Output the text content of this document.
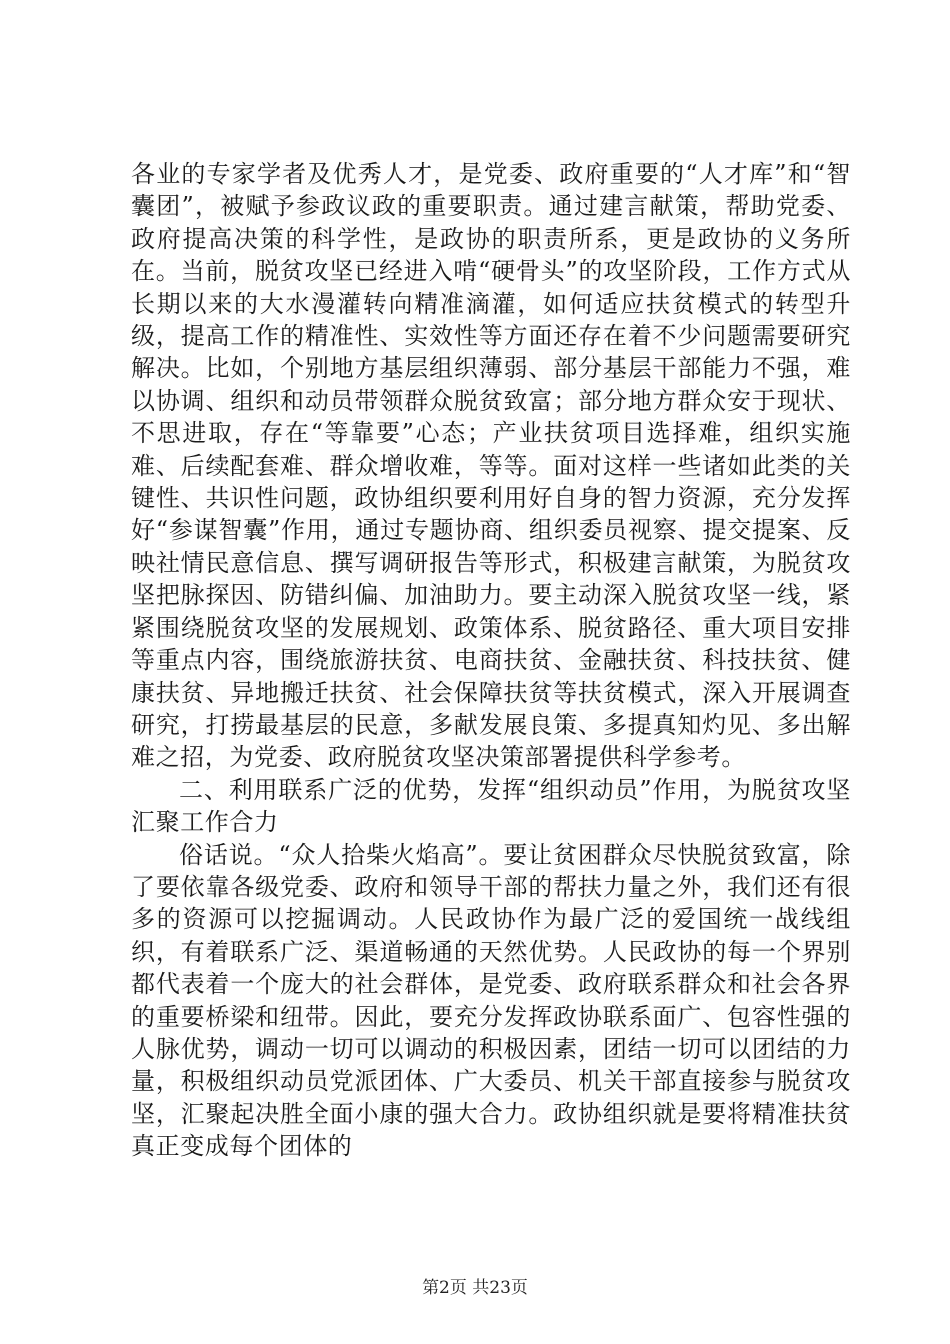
各业的专家学者及优秀人才，是党委、政府重要的“人才库”和“智囊团”，被赋予参政议政的重要职责。通过建言献策，帮助党委、政府提高决策的科学性，是政协的职责所系，更是政协的义务所在。当前，脱贫攻坚已经进入啃“硬骨头”的攻坚阶段，工作方式从长期以来的大水漫灌转向精准滴灌，如何适应扶贫模式的转型升级，提高工作的精准性、实效性等方面还存在着不少问题需要研究解决。比如，个别地方基层组织薄弱、部分基层干部能力不强，难以协调、组织和动员带领群众脱贫致富；部分地方群众安于现状、不思进取，存在“等靠要”心态；产业扶贫项目选择难，组织实施难、后续配套难、群众增收难，等等。面对这样一些诸如此类的关键性、共识性问题，政协组织要利用好自身的智力资源，充分发挥好“参谋智囊”作用，通过专题协商、组织委员视察、提交提案、反映社情民意信息、撰写调研报告等形式，积极建言献策，为脱贫攻坚把脉探因、防错纠偏、加油助力。要主动深入脱贫攻坚一线，紧紧围绕脱贫攻坚的发展规划、政策体系、脱贫路径、重大项目安排等重点内容，围绕旅游扶贫、电商扶贫、金融扶贫、科技扶贫、健康扶贫、异地搬迁扶贫、社会保障扶贫等扶贫模式，深入开展调查研究，打捞最基层的民意，多献发展良策、多提真知灼见、多出解难之招，为党委、政府脱贫攻坚决策部署提供科学参考。

二、利用联系广泛的优势，发挥“组织动员”作用，为脱贫攻坚汇聚工作合力

俗话说。“众人拾柴火焰高”。要让贫困群众尽快脱贫致富，除了要依靠各级党委、政府和领导干部的帮扶力量之外，我们还有很多的资源可以挖掘调动。人民政协作为最广泛的爱国统一战线组织，有着联系广泛、渠道畅通的天然优势。人民政协的每一个界别都代表着一个庞大的社会群体，是党委、政府联系群众和社会各界的重要桥梁和纽带。因此，要充分发挥政协联系面广、包容性强的人脉优势，调动一切可以调动的积极因素，团结一切可以团结的力量，积极组织动员党派团体、广大委员、机关干部直接参与脱贫攻坚，汇聚起决胜全面小康的强大合力。政协组织就是要将精准扶贫真正变成每个团体的

第2页 共23页
